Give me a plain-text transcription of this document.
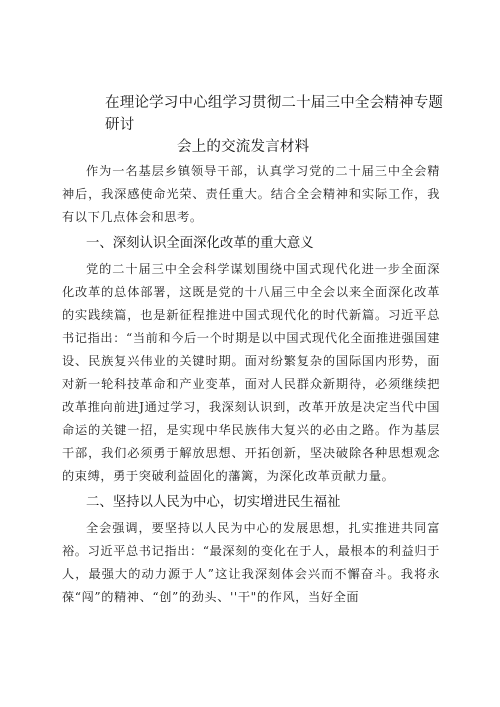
在理论学习中心组学习贯彻二十届三中全会精神专题研讨
会上的交流发言材料

作为一名基层乡镇领导干部，认真学习党的二十届三中全会精神后，我深感使命光荣、责任重大。结合全会精神和实际工作，我有以下几点体会和思考。

一、深刻认识全面深化改革的重大意义

党的二十届三中全会科学谋划围绕中国式现代化进一步全面深化改革的总体部署，这既是党的十八届三中全会以来全面深化改革的实践续篇，也是新征程推进中国式现代化的时代新篇。习近平总书记指出：“当前和今后一个时期是以中国式现代化全面推进强国建设、民族复兴伟业的关键时期。面对纷繁复杂的国际国内形势，面对新一轮科技革命和产业变革，面对人民群众新期待，必须继续把改革推向前进J通过学习，我深刻认识到，改革开放是决定当代中国命运的关键一招，是实现中华民族伟大复兴的必由之路。作为基层干部，我们必须勇于解放思想、开拓创新，坚决破除各种思想观念的束缚，勇于突破利益固化的藩篱，为深化改革贡献力量。

二、坚持以人民为中心，切实增进民生福祉

全会强调，要坚持以人民为中心的发展思想，扎实推进共同富裕。习近平总书记指出：“最深刻的变化在于人，最根本的利益归于人，最强大的动力源于人”这让我深刻体会兴而不懈奋斗。我将永葆“闯”的精神、“创”的劲头、''干"的作风，当好全面
